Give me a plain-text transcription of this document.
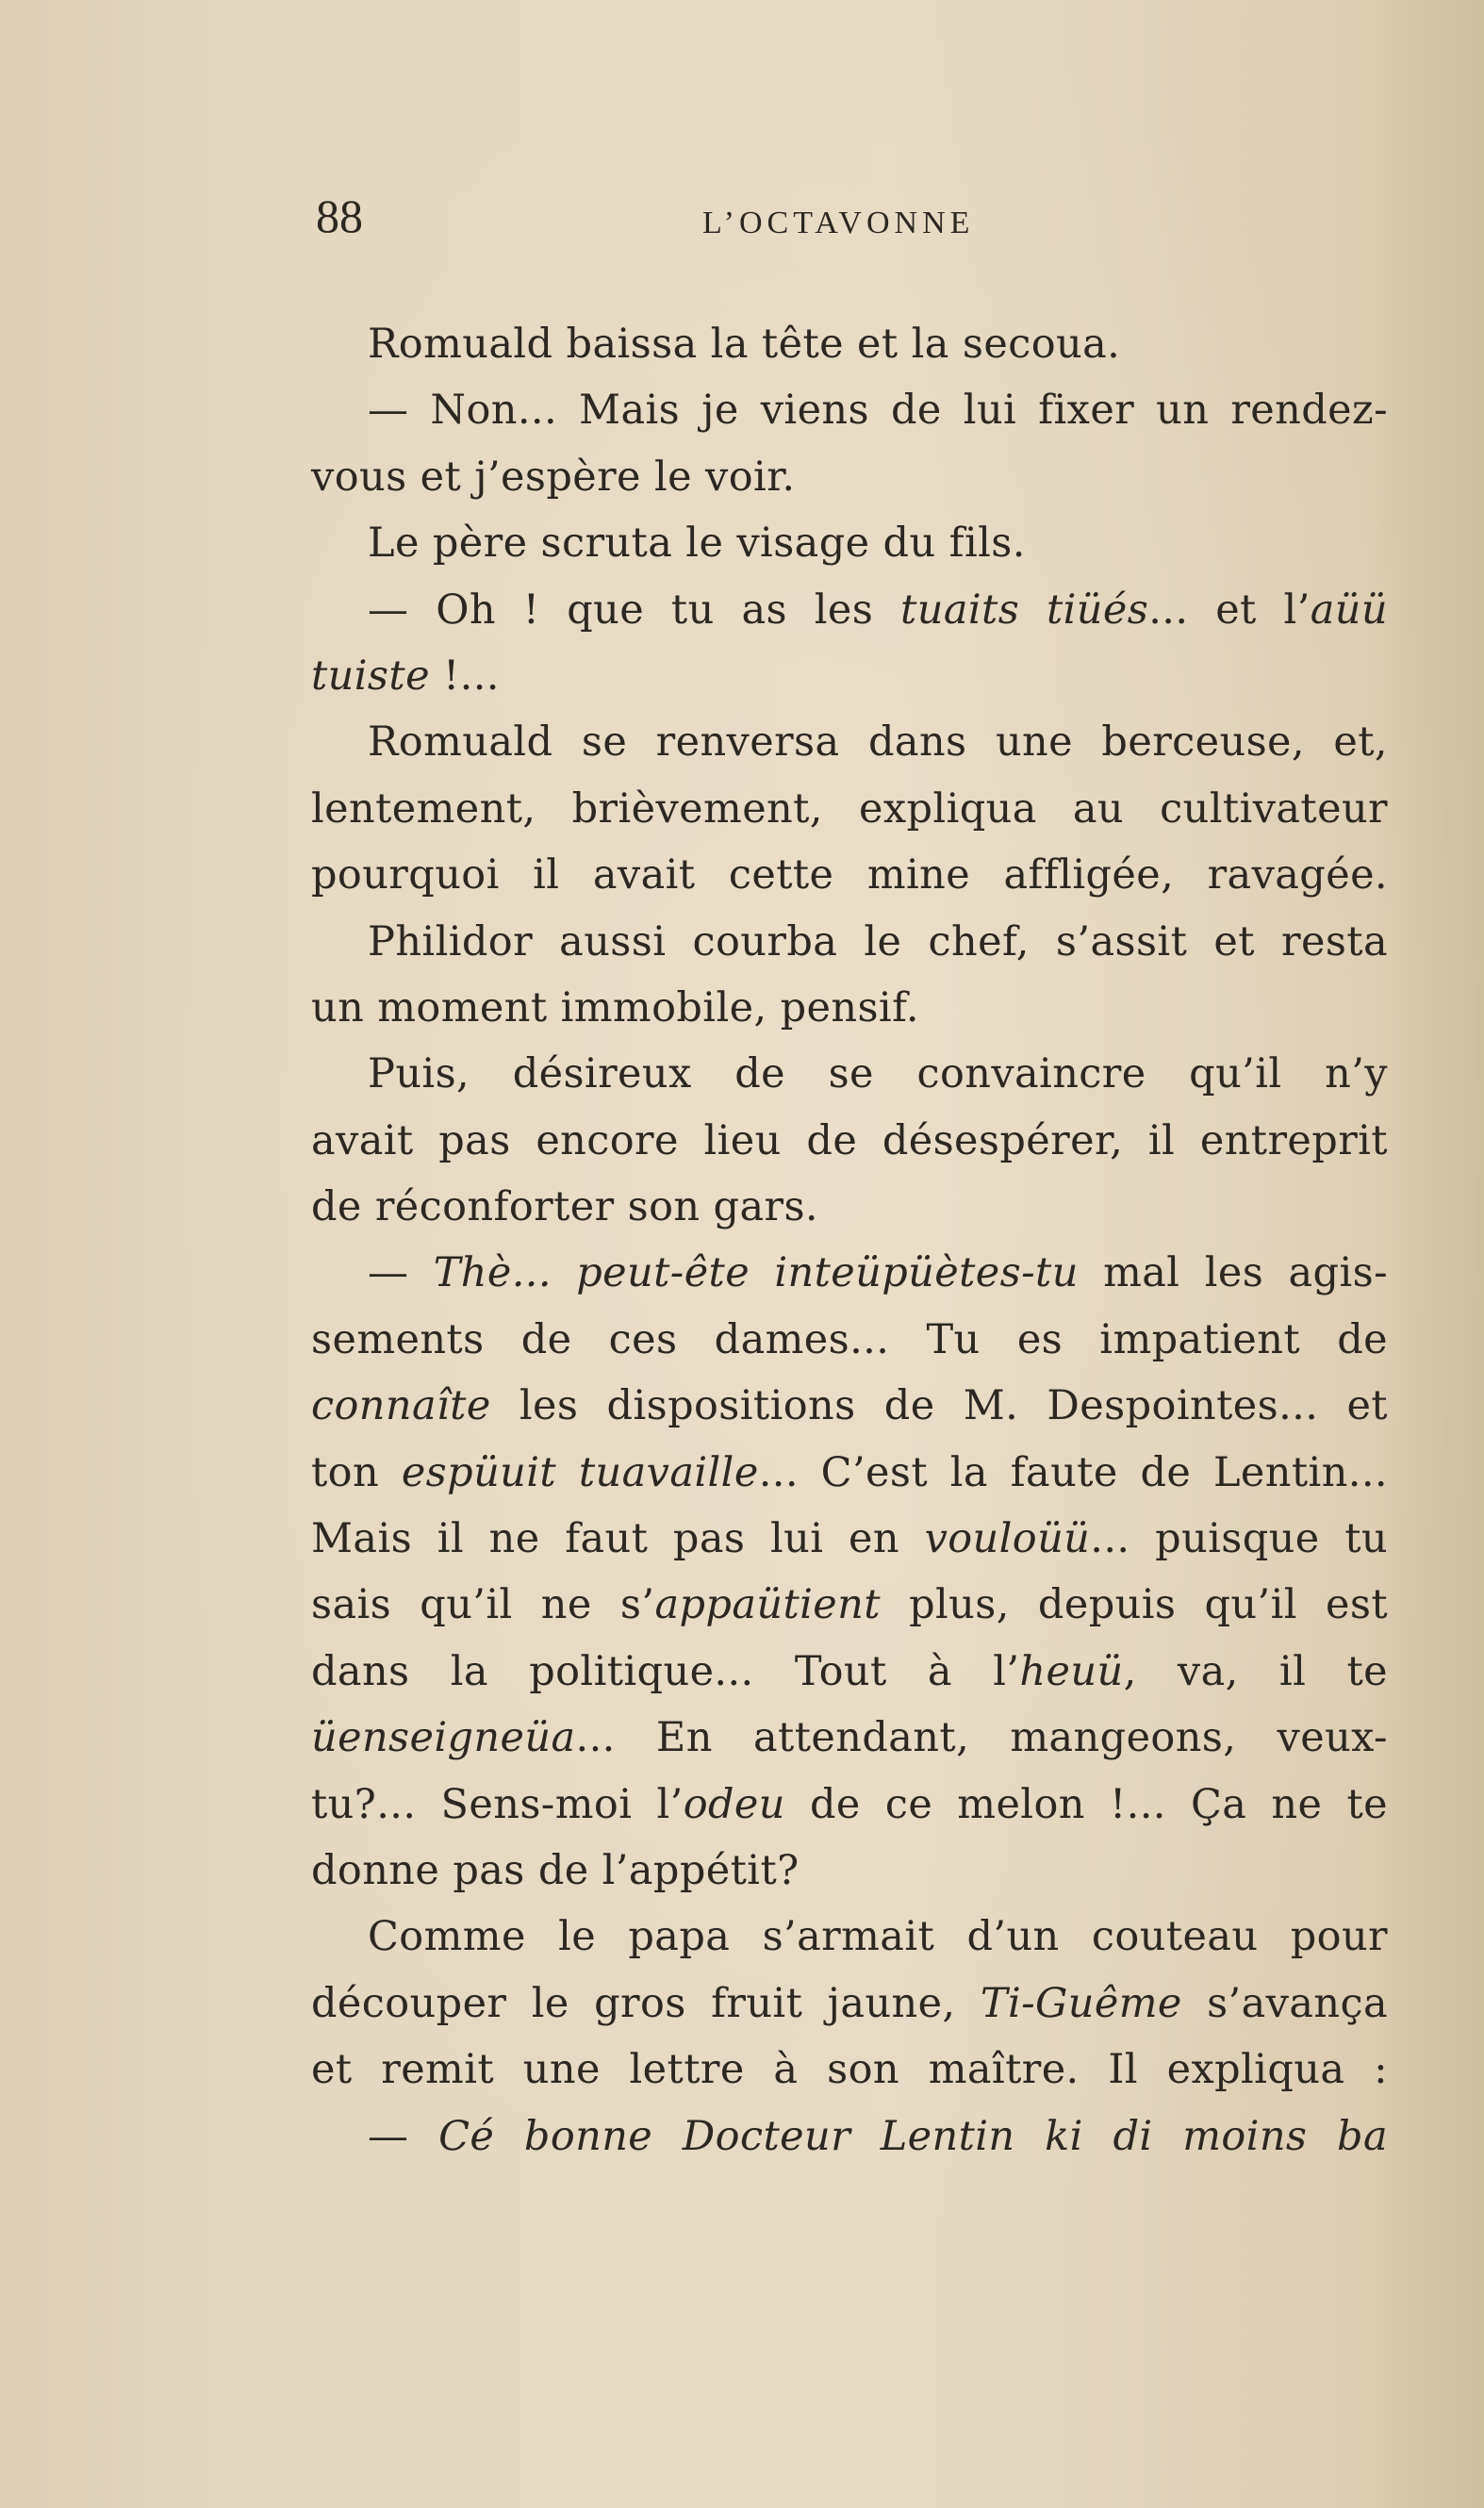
88	L’OCTAVONNE
Romuald baissa la tête et la secoua.
— Non... Mais je viens de lui fixer un rendez-
vous et j’espère le voir.
Le père scruta le visage du fils.
— Oh ! que tu as les tuaits tiüés... et l’aüü
tuiste !...
Romuald se renversa dans une berceuse, et,
lentement, brièvement, expliqua au cultivateur
pourquoi il avait cette mine affligée, ravagée.
Philidor aussi courba le chef, s’assit et resta
un moment immobile, pensif.
Puis, désireux de se convaincre qu’il n’y
avait pas encore lieu de désespérer, il entreprit
de réconforter son gars.
— Thè... peut-ête inteüpüètes-tu mal les agis-
sements de ces dames... Tu es impatient de
connaîte les dispositions de M. Despointes... et
ton espüuit tuavaille... C’est la faute de Lentin...
Mais il ne faut pas lui en vouloüü... puisque tu
sais qu’il ne s’appaütient plus, depuis qu’il est
dans la politique... Tout à l’heuü, va, il te
üenseigneüa... En attendant, mangeons, veux-
tu?... Sens-moi l’odeu de ce melon !... Ça ne te
donne pas de l’appétit?
Comme le papa s’armait d’un couteau pour
découper le gros fruit jaune, Ti-Guême s’avança
et remit une lettre à son maître. Il expliqua :
— Cé bonne Docteur Lentin ki di moins ba
